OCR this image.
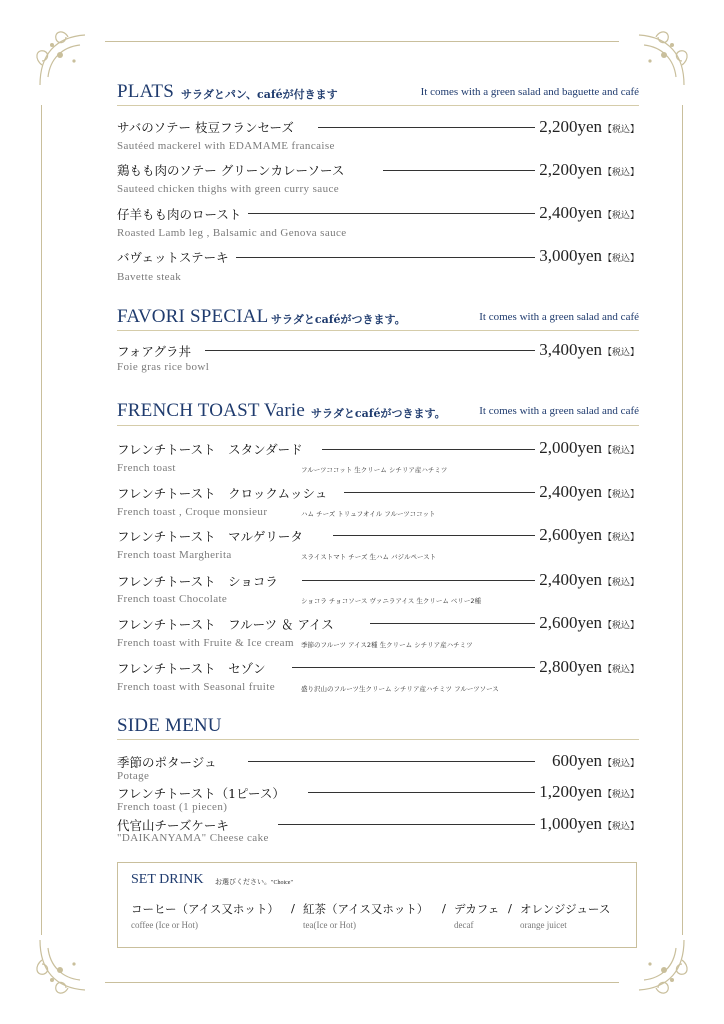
PLATS サラダとパン、caféが付きます	It comes with a green salad and baguette and café
サバのソテー 枝豆フランセーズ	2,200yen【税込】
Sautéed mackerel with EDAMAME francaise
鶏もも肉のソテー グリーンカレーソース	2,200yen【税込】
Sauteed chicken thighs with green curry sauce
仔羊もも肉のロースト	2,400yen【税込】
Roasted Lamb leg , Balsamic and Genova sauce
バヴェットステーキ	3,000yen【税込】
Bavette steak
FAVORI SPECIAL サラダとcaféがつきます。	It comes with a green salad and café
フォアグラ丼	3,400yen【税込】
Foie gras rice bowl
FRENCH TOAST Varie サラダとcaféがつきます。	It comes with a green salad and café
フレンチトースト　スタンダード	2,000yen【税込】
French toast	フルーツココット 生クリーム シチリア産ハチミツ
フレンチトースト　クロックムッシュ	2,400yen【税込】
French toast , Croque monsieur	ハム チーズ トリュフオイル フルーツココット
フレンチトースト　マルゲリータ	2,600yen【税込】
French toast Margherita	スライストマト チーズ 生ハム バジルペースト
フレンチトースト　ショコラ	2,400yen【税込】
French toast Chocolate	ショコラ チョコソース ヴァニラアイス 生クリーム ベリー2種
フレンチトースト　フルーツ ＆ アイス	2,600yen【税込】
French toast with Fruite & Ice cream 季節のフルーツ アイス2種 生クリーム シチリア産ハチミツ
フレンチトースト　セゾン	2,800yen【税込】
French toast with Seasonal fruite	盛り沢山のフルーツ生クリーム シチリア産ハチミツ フルーツソース
SIDE MENU
季節のポタージュ	600yen【税込】
Potage
フレンチトースト（1ピース）	1,200yen【税込】
French toast (1 piecen)
代官山チーズケーキ	1,000yen【税込】
"DAIKANYAMA" Cheese cake
SET DRINK お選びください。"Choice"
コーヒー（アイス又ホット）
coffee (Ice or Hot)
/ 紅茶（アイス又ホット）
tea(Ice or Hot)
/ デカフェ
decaf
/ オレンジジュース
orange juicet
